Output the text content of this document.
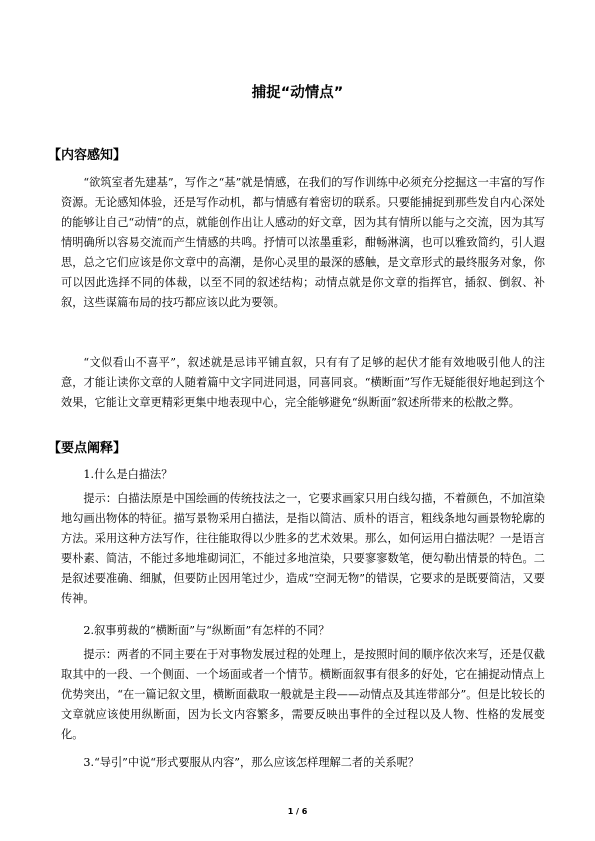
捕捉“动情点”
【内容感知】

“欲筑室者先建基”，写作之“基”就是情感，在我们的写作训练中必须充分挖掘这一丰富的写作资源。无论感知体验，还是写作动机，都与情感有着密切的联系。只要能捕捉到那些发自内心深处的能够让自己“动情”的点，就能创作出让人感动的好文章，因为其有情所以能与之交流，因为其写情明确所以容易交流而产生情感的共鸣。抒情可以浓墨重彩，酣畅淋漓，也可以雅致简约，引人遐思，总之它们应该是你文章中的高潮，是你心灵里的最深的感触，是文章形式的最终服务对象，你可以因此选择不同的体裁，以至不同的叙述结构；动情点就是你文章的指挥官，插叙、倒叙、补叙，这些谋篇布局的技巧都应该以此为要领。

“文似看山不喜平”，叙述就是忌讳平铺直叙，只有有了足够的起伏才能有效地吸引他人的注意，才能让读你文章的人随着篇中文字同进同退，同喜同哀。“横断面”写作无疑能很好地起到这个效果，它能让文章更精彩更集中地表现中心，完全能够避免“纵断面”叙述所带来的松散之弊。

【要点阐释】

1.什么是白描法？

提示：白描法原是中国绘画的传统技法之一，它要求画家只用白线勾描，不着颜色，不加渲染地勾画出物体的特征。描写景物采用白描法，是指以简洁、质朴的语言，粗线条地勾画景物轮廓的方法。采用这种方法写作，往往能取得以少胜多的艺术效果。那么，如何运用白描法呢？一是语言要朴素、简洁，不能过多地堆砌词汇，不能过多地渲染，只要寥寥数笔，便勾勒出情景的特色。二是叙述要准确、细腻，但要防止因用笔过少，造成“空洞无物”的错误，它要求的是既要简洁，又要传神。

2.叙事剪裁的“横断面”与“纵断面”有怎样的不同？

提示：两者的不同主要在于对事物发展过程的处理上，是按照时间的顺序依次来写，还是仅截取其中的一段、一个侧面、一个场面或者一个情节。横断面叙事有很多的好处，它在捕捉动情点上优势突出，“在一篇记叙文里，横断面截取一般就是主段——动情点及其连带部分”。但是比较长的文章就应该使用纵断面，因为长文内容繁多，需要反映出事件的全过程以及人物、性格的发展变化。

3.“导引”中说“形式要服从内容”，那么应该怎样理解二者的关系呢？

1 / 6
